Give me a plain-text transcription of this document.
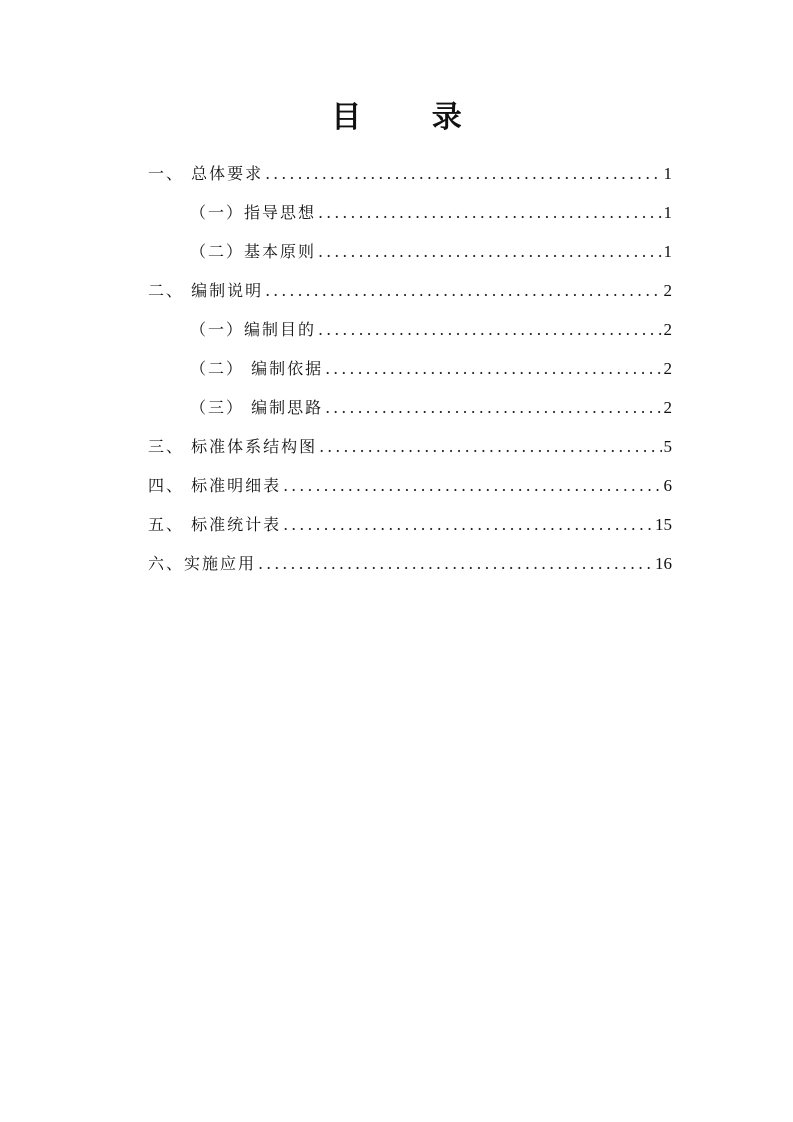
目 录
一、 总体要求 .....	1
（一）指导思想 .....	1
（二）基本原则 .....	1
二、 编制说明 .....	2
（一）编制目的 .....	2
（二） 编制依据 .....	2
（三） 编制思路 .....	2
三、 标准体系结构图 .....	5
四、 标准明细表 .....	6
五、 标准统计表 .....	15
六、实施应用 .....	16
